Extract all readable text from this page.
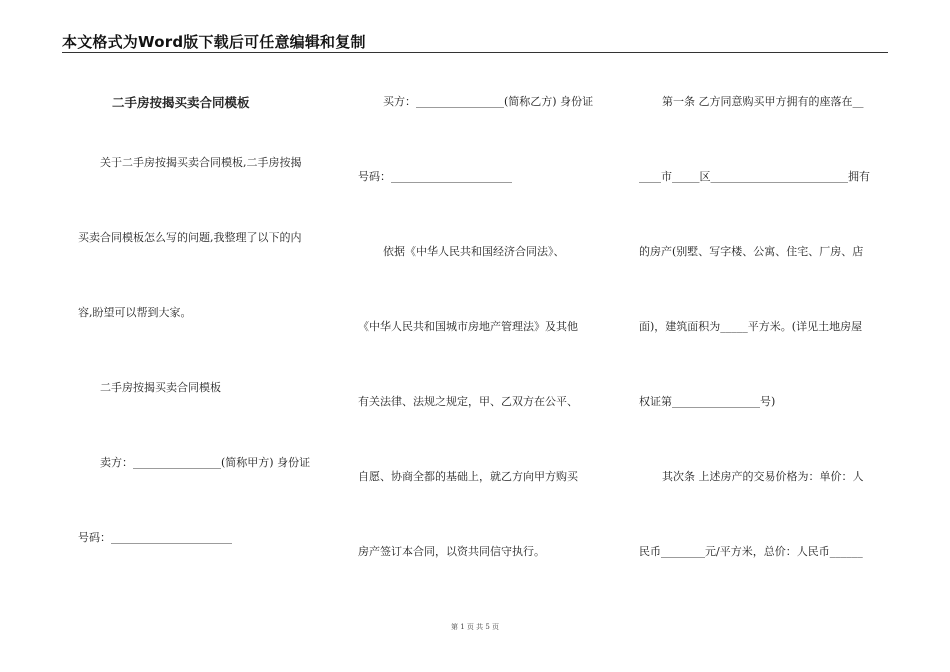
本文格式为Word版下载后可任意编辑和复制
二手房按揭买卖合同模板
关于二手房按揭买卖合同模板,二手房按揭
买卖合同模板怎么写的问题,我整理了以下的内
容,盼望可以帮到大家。
二手房按揭买卖合同模板
卖方：________________(简称甲方) 身份证
号码：______________________
买方：________________(简称乙方) 身份证
号码：______________________
依据《中华人民共和国经济合同法》、
《中华人民共和国城市房地产管理法》及其他
有关法律、法规之规定，甲、乙双方在公平、
自愿、协商全都的基础上，就乙方向甲方购买
房产签订本合同，以资共同信守执行。
第一条 乙方同意购买甲方拥有的座落在__
____市_____区_________________________拥有
的房产(别墅、写字楼、公寓、住宅、厂房、店
面)，建筑面积为_____平方米。(详见土地房屋
权证第________________号)
其次条 上述房产的交易价格为：单价：人
民币________元/平方米，总价：人民币______
第 1 页 共 5 页
